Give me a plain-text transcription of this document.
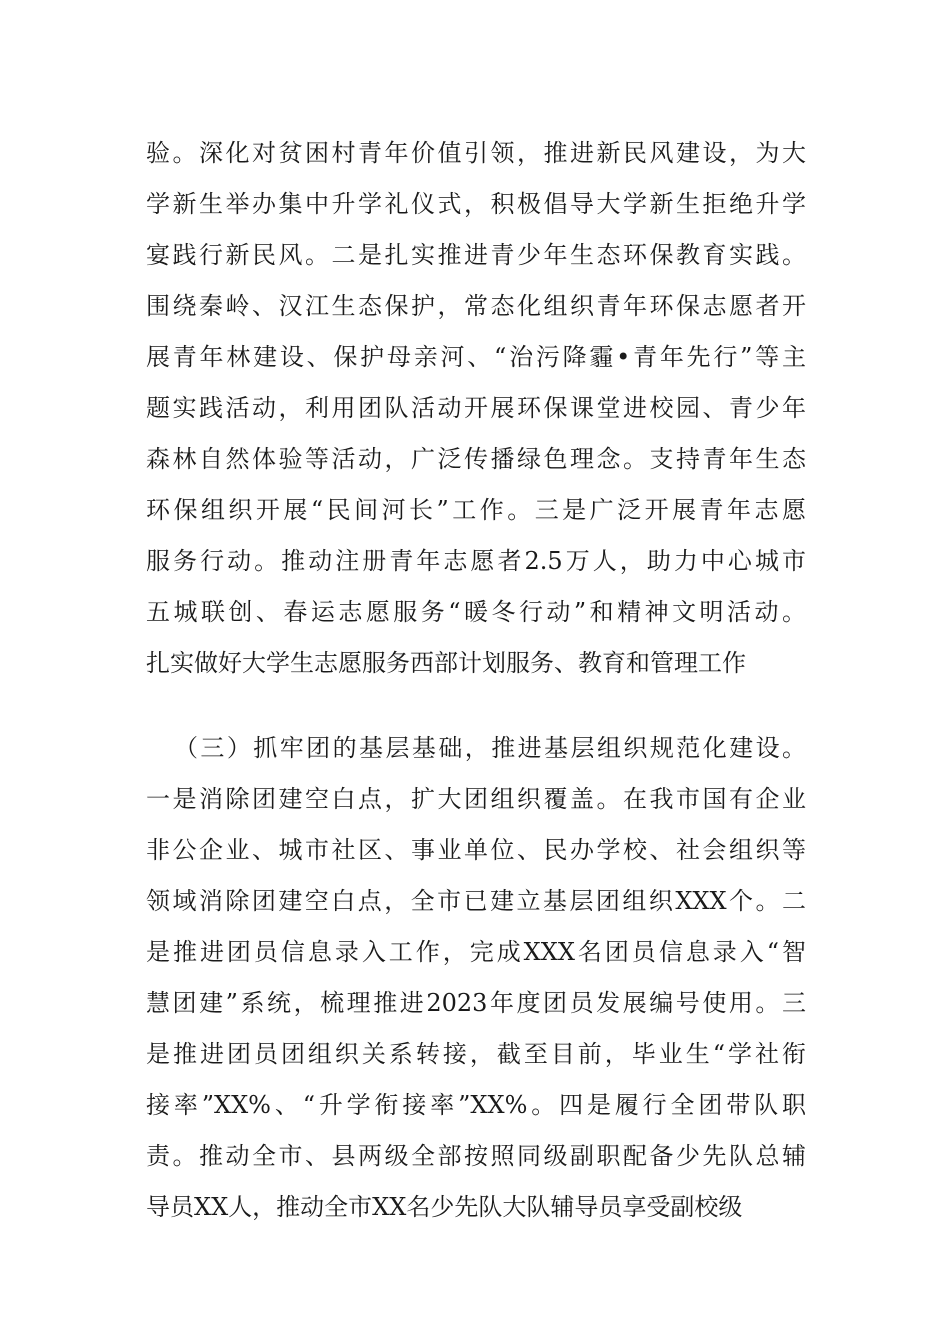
验。深化对贫困村青年价值引领，推进新民风建设，为大
学新生举办集中升学礼仪式，积极倡导大学新生拒绝升学
宴践行新民风。二是扎实推进青少年生态环保教育实践。
围绕秦岭、汉江生态保护，常态化组织青年环保志愿者开
展青年林建设、保护母亲河、“治污降霾•青年先行”等主
题实践活动，利用团队活动开展环保课堂进校园、青少年
森林自然体验等活动，广泛传播绿色理念。支持青年生态
环保组织开展“民间河长”工作。三是广泛开展青年志愿
服务行动。推动注册青年志愿者2.5万人，助力中心城市
五城联创、春运志愿服务“暖冬行动”和精神文明活动。
扎实做好大学生志愿服务西部计划服务、教育和管理工作
（三）抓牢团的基层基础，推进基层组织规范化建设。
一是消除团建空白点，扩大团组织覆盖。在我市国有企业
非公企业、城市社区、事业单位、民办学校、社会组织等
领域消除团建空白点，全市已建立基层团组织XXX个。二
是推进团员信息录入工作，完成XXX名团员信息录入“智
慧团建”系统，梳理推进2023年度团员发展编号使用。三
是推进团员团组织关系转接，截至目前，毕业生“学社衔
接率”XX%、“升学衔接率”XX%。四是履行全团带队职
责。推动全市、县两级全部按照同级副职配备少先队总辅
导员XX人，推动全市XX名少先队大队辅导员享受副校级
